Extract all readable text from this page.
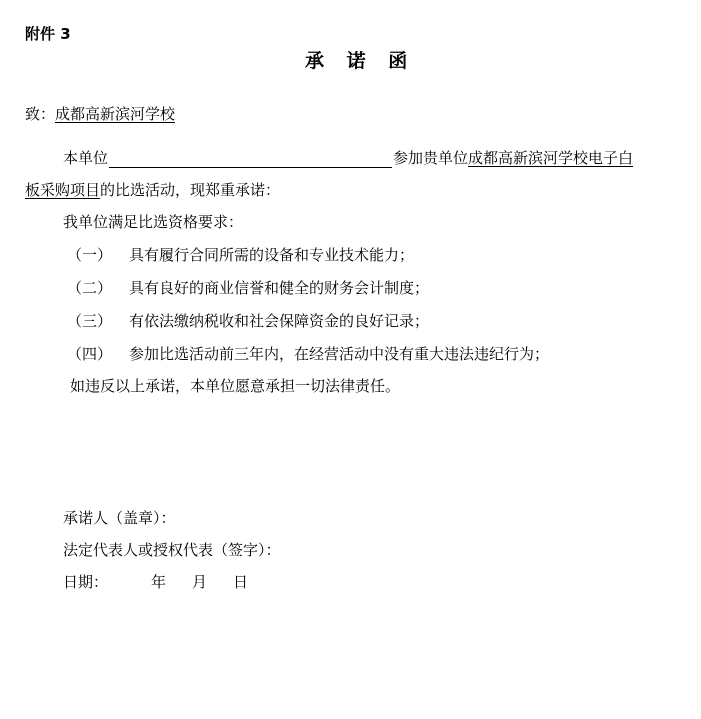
附件 3
承 诺 函
致：成都高新滨河学校
本单位	参加贵单位成都高新滨河学校电子白
板采购项目的比选活动，现郑重承诺：
我单位满足比选资格要求：
（一） 具有履行合同所需的设备和专业技术能力；
（二） 具有良好的商业信誉和健全的财务会计制度；
（三） 有依法缴纳税收和社会保障资金的良好记录；
（四） 参加比选活动前三年内，在经营活动中没有重大违法违纪行为；
如违反以上承诺，本单位愿意承担一切法律责任。
承诺人（盖章）：
法定代表人或授权代表（签字）：
日期：	年 月 日
